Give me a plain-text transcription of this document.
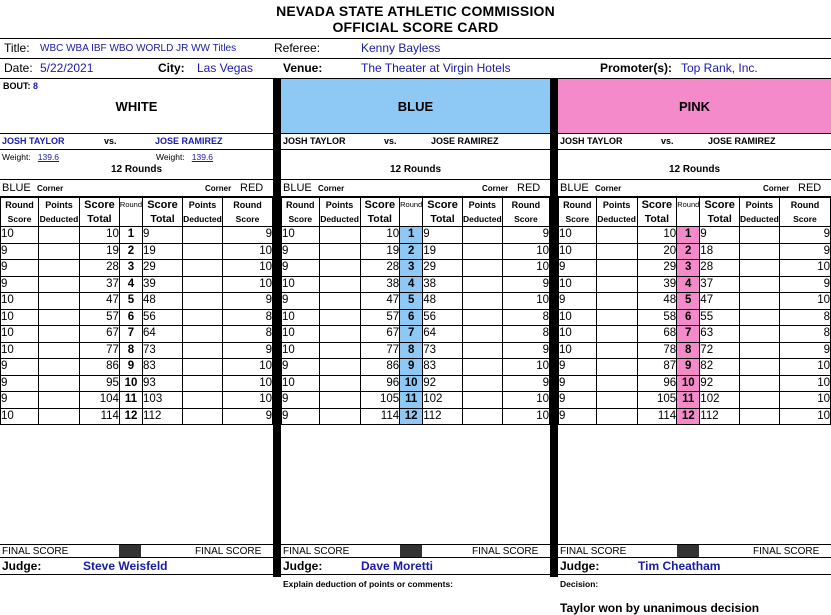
NEVADA STATE ATHLETIC COMMISSION
OFFICIAL SCORE CARD
Title: WBC WBA IBF WBO WORLD JR WW Titles	Referee:	Kenny Bayless
Date: 5/22/2021	City: Las Vegas Venue:	The Theater at Virgin Hotels	Promoter(s): Top Rank, Inc.
WHITE
BOUT: 8
JOSH TAYLOR	vs.	JOSE RAMIREZ
Weight: 139.6	Weight: 139.6
12 Rounds
BLUE Corner	Corner RED
Round	Points	Score	Round	Score	Points	Round
Score	Deducted	Total		Total	Deducted	Score
10		10	1	9		9
9		19	2	19		10
9		28	3	29		10
9		37	4	39		10
10		47	5	48		9
10		57	6	56		8
10		67	7	64		8
10		77	8	73		9
9		86	9	83		10
9		95	10	93		10
9		104	11	103		10
10		114	12	112		9
FINAL SCORE	FINAL SCORE
Judge:	Steve Weisfeld
BLUE
JOSH TAYLOR	vs.	JOSE RAMIREZ
12 Rounds
BLUE Corner	Corner RED
Round	Points	Score	Round	Score	Points	Round
Score	Deducted	Total		Total	Deducted	Score
10		10	1	9		9
9		19	2	19		10
9		28	3	29		10
10		38	4	38		9
9		47	5	48		10
10		57	6	56		8
10		67	7	64		8
10		77	8	73		9
9		86	9	83		10
10		96	10	92		9
9		105	11	102		10
9		114	12	112		10
FINAL SCORE	FINAL SCORE
Judge:	Dave Moretti
Explain deduction of points or comments:
PINK
JOSH TAYLOR	vs.	JOSE RAMIREZ
12 Rounds
BLUE Corner	Corner RED
Round	Points	Score	Round	Score	Points	Round
Score	Deducted	Total		Total	Deducted	Score
10		10	1	9		9
10		20	2	18		9
9		29	3	28		10
10		39	4	37		9
9		48	5	47		10
10		58	6	55		8
10		68	7	63		8
10		78	8	72		9
9		87	9	82		10
9		96	10	92		10
9		105	11	102		10
9		114	12	112		10
FINAL SCORE	FINAL SCORE
Judge:	Tim Cheatham
Decision:
Taylor won by unanimous decision
